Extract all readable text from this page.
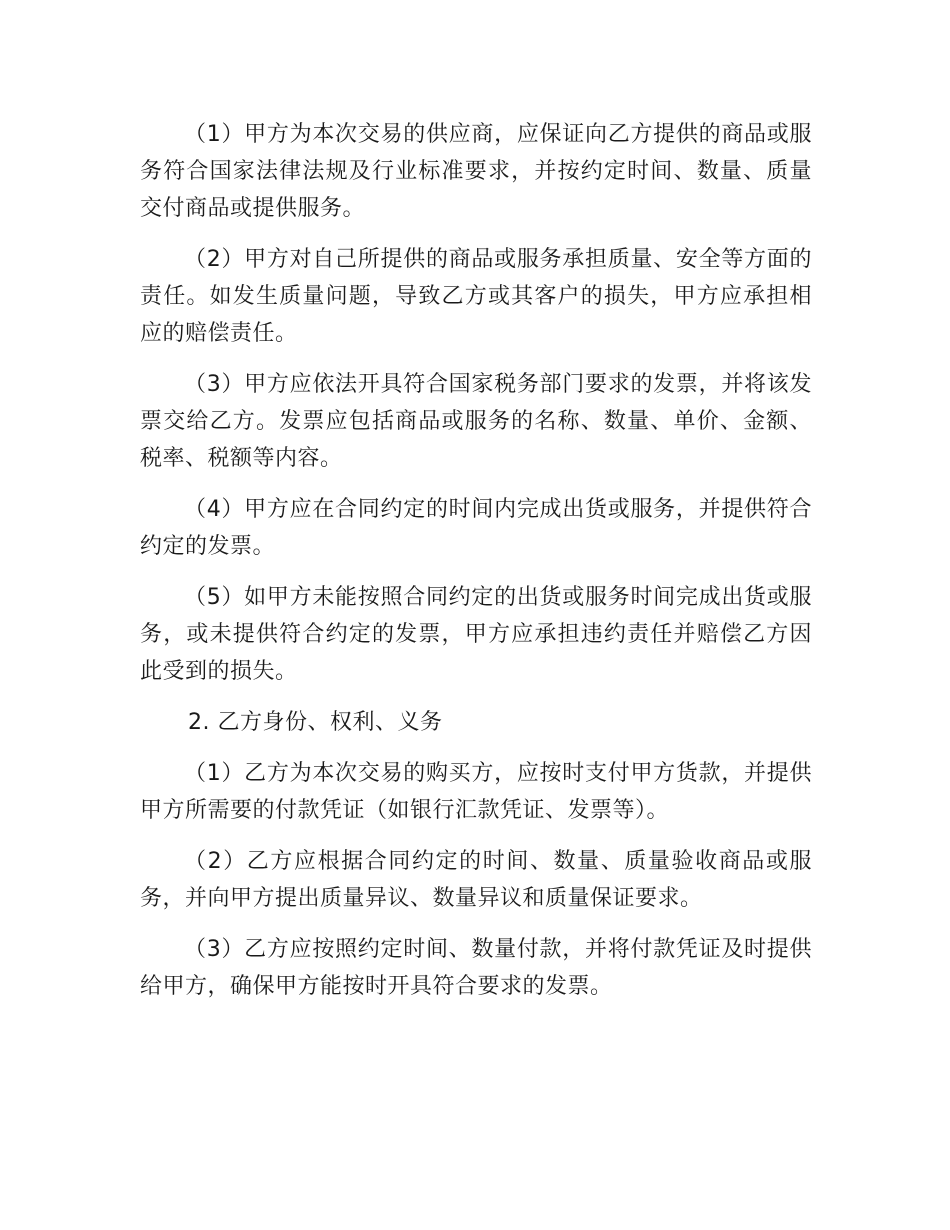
（1）甲方为本次交易的供应商，应保证向乙方提供的商品或服务符合国家法律法规及行业标准要求，并按约定时间、数量、质量交付商品或提供服务。

（2）甲方对自己所提供的商品或服务承担质量、安全等方面的责任。如发生质量问题，导致乙方或其客户的损失，甲方应承担相应的赔偿责任。

（3）甲方应依法开具符合国家税务部门要求的发票，并将该发票交给乙方。发票应包括商品或服务的名称、数量、单价、金额、税率、税额等内容。

（4）甲方应在合同约定的时间内完成出货或服务，并提供符合约定的发票。

（5）如甲方未能按照合同约定的出货或服务时间完成出货或服务，或未提供符合约定的发票，甲方应承担违约责任并赔偿乙方因此受到的损失。

2. 乙方身份、权利、义务

（1）乙方为本次交易的购买方，应按时支付甲方货款，并提供甲方所需要的付款凭证（如银行汇款凭证、发票等）。

（2）乙方应根据合同约定的时间、数量、质量验收商品或服务，并向甲方提出质量异议、数量异议和质量保证要求。

（3）乙方应按照约定时间、数量付款，并将付款凭证及时提供给甲方，确保甲方能按时开具符合要求的发票。
